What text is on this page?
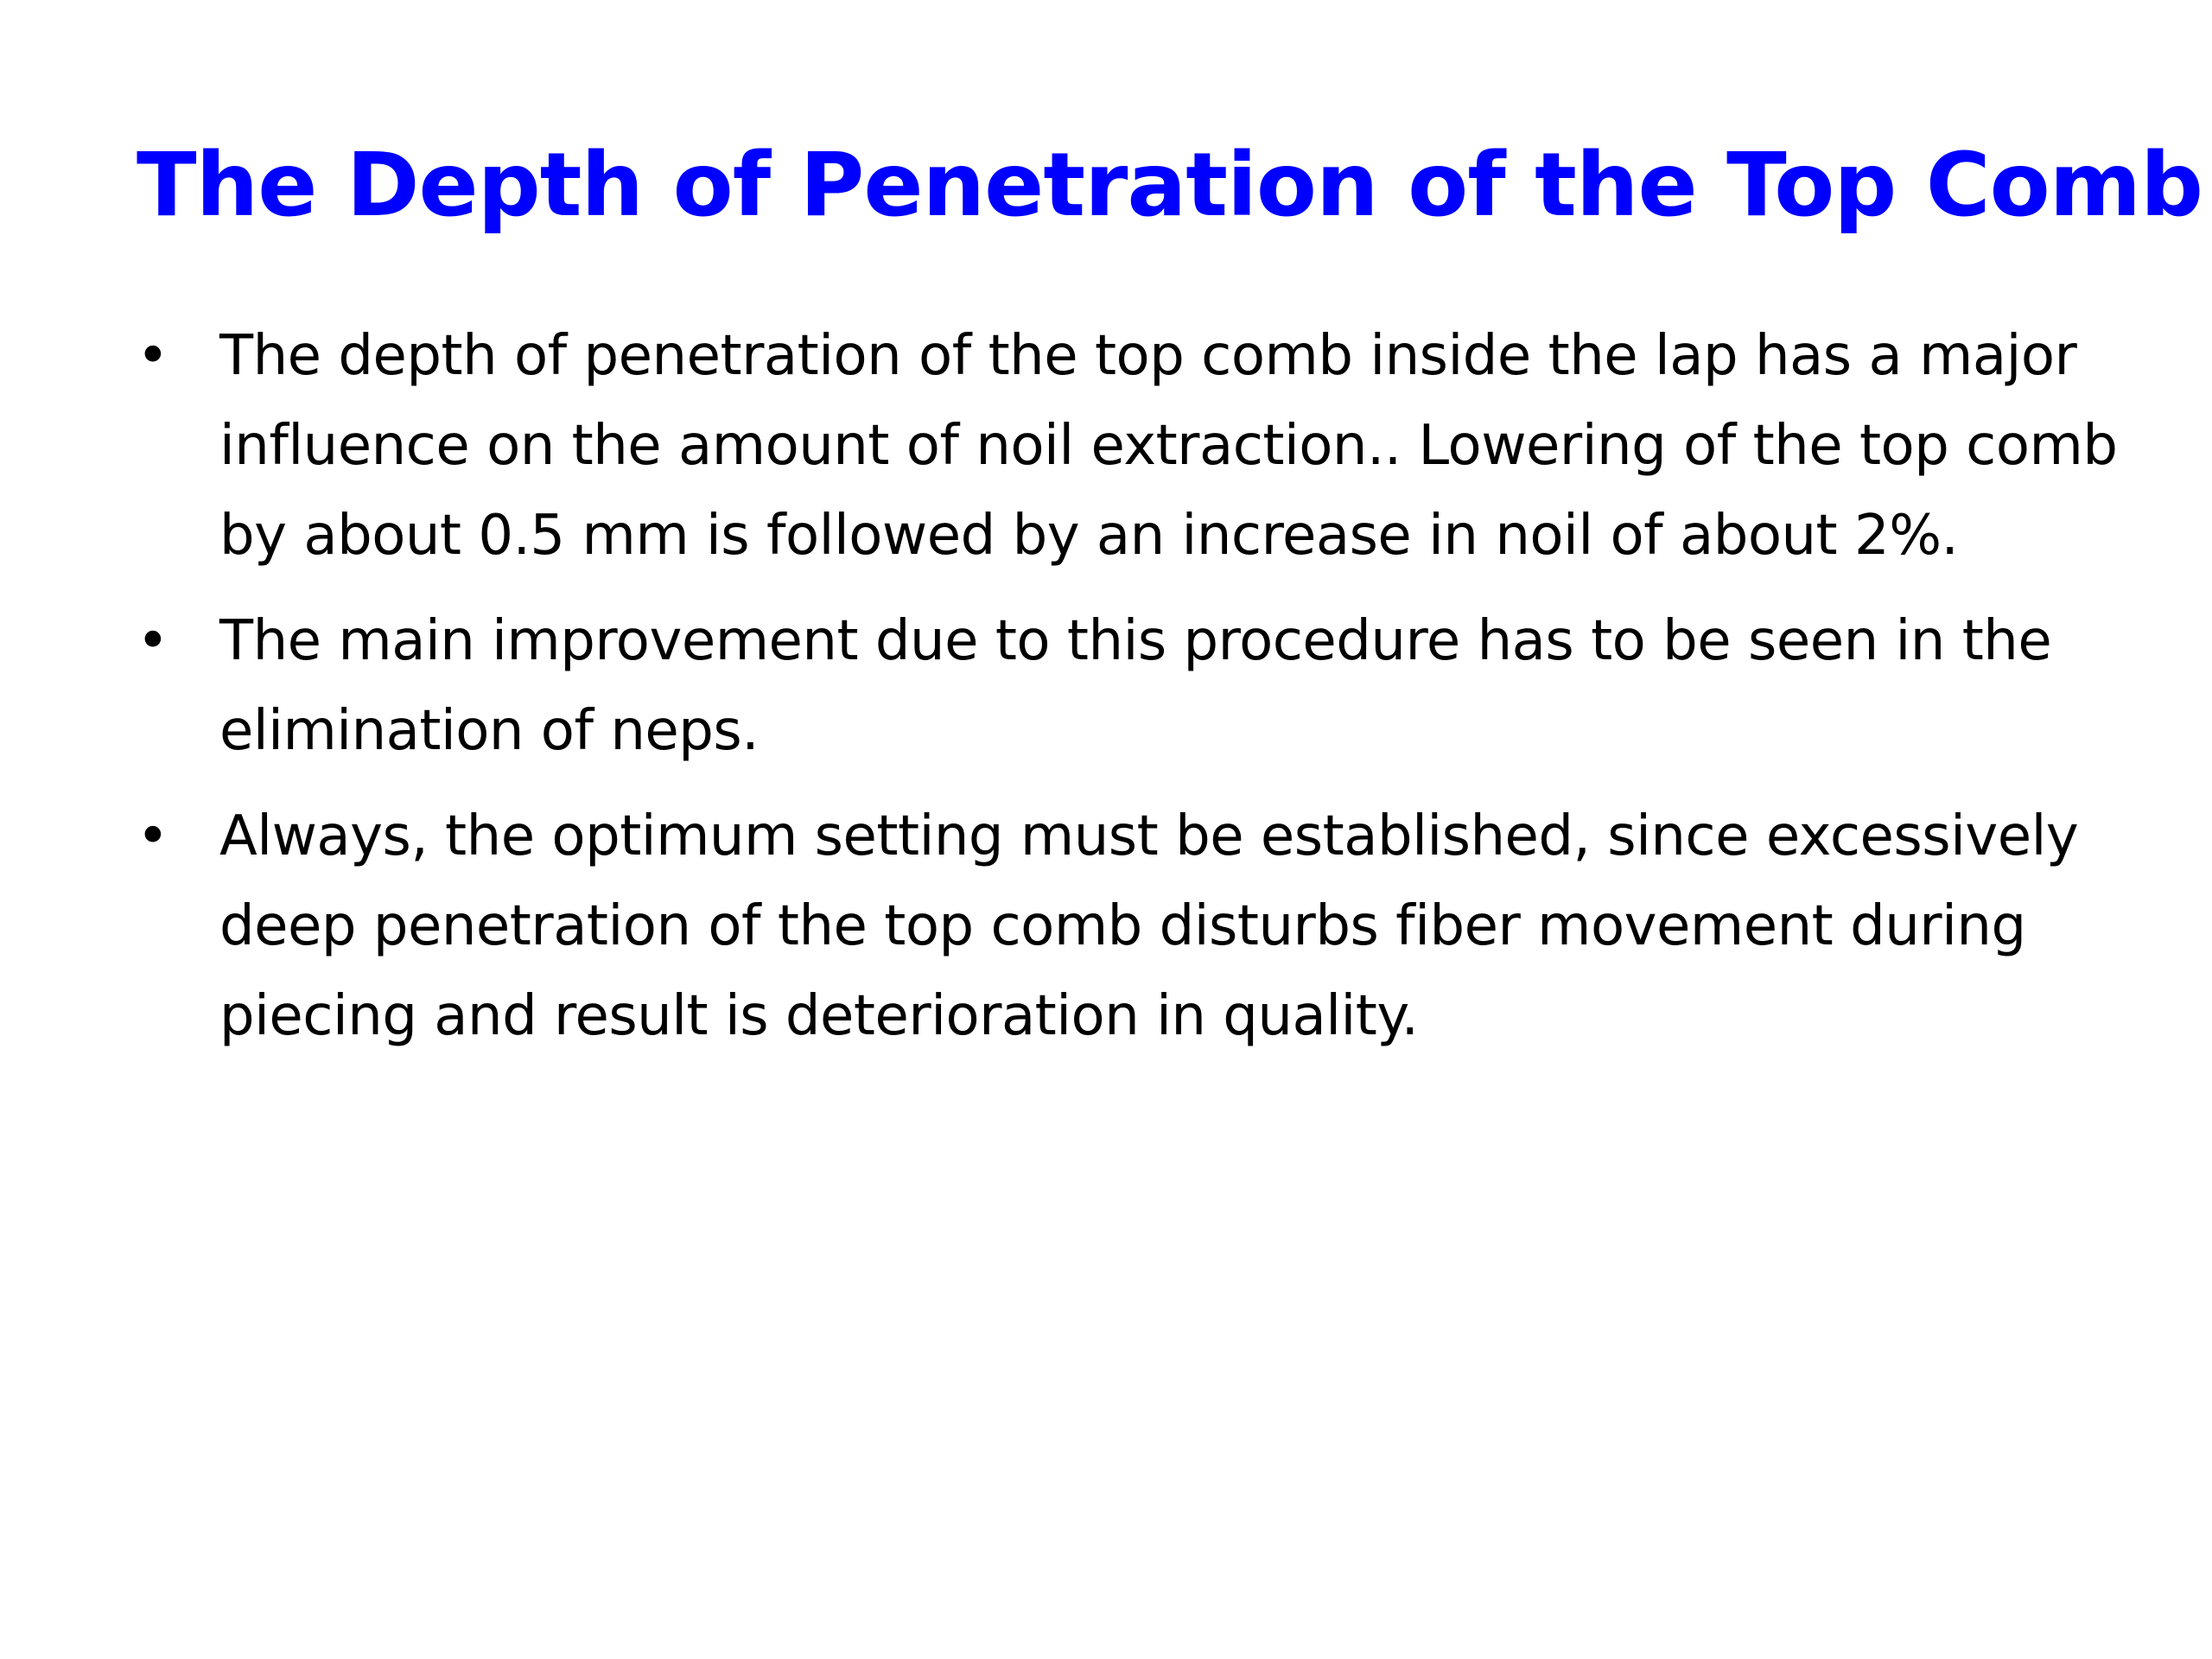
The Depth of Penetration of the Top Comb
• The depth of penetration of the top comb inside the lap has a major influence on the amount of noil extraction.. Lowering of the top comb by about 0.5 mm is followed by an increase in noil of about 2%.
• The main improvement due to this procedure has to be seen in the elimination of neps.
• Always, the optimum setting must be established, since excessively deep penetration of the top comb disturbs fiber movement during piecing and result is deterioration in quality.
